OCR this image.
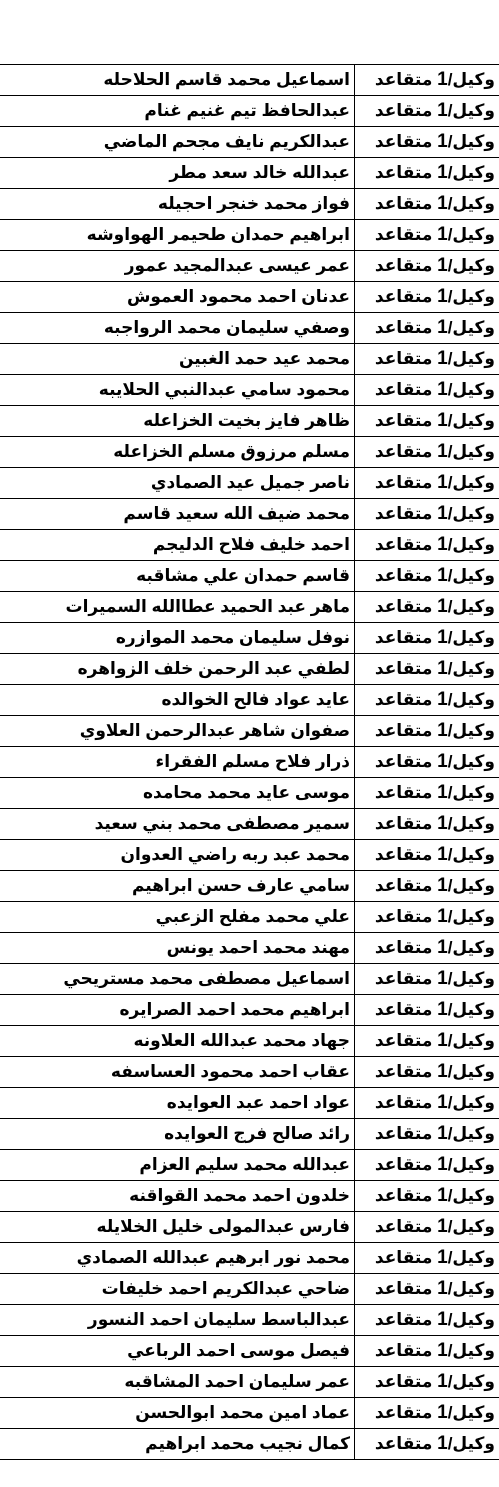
وكيل/1 متقاعد	اسماعيل محمد قاسم الحلاحله
وكيل/1 متقاعد	عبدالحافظ تيم غنيم غنام
وكيل/1 متقاعد	عبدالكريم نايف مجحم الماضي
وكيل/1 متقاعد	عبدالله خالد سعد مطر
وكيل/1 متقاعد	فواز محمد خنجر احجيله
وكيل/1 متقاعد	ابراهيم حمدان طحيمر الهواوشه
وكيل/1 متقاعد	عمر عيسى عبدالمجيد عمور
وكيل/1 متقاعد	عدنان احمد محمود العموش
وكيل/1 متقاعد	وصفي سليمان محمد الرواجبه
وكيل/1 متقاعد	محمد عيد حمد الغبين
وكيل/1 متقاعد	محمود سامي عبدالنبي الحلايبه
وكيل/1 متقاعد	ظاهر فايز بخيت الخزاعله
وكيل/1 متقاعد	مسلم مرزوق مسلم الخزاعله
وكيل/1 متقاعد	ناصر جميل عيد الصمادي
وكيل/1 متقاعد	محمد ضيف الله سعيد قاسم
وكيل/1 متقاعد	احمد خليف فلاح الدليجم
وكيل/1 متقاعد	قاسم حمدان علي مشاقبه
وكيل/1 متقاعد	ماهر عبد الحميد عطاالله السميرات
وكيل/1 متقاعد	نوفل سليمان محمد الموازره
وكيل/1 متقاعد	لطفي عبد الرحمن خلف الزواهره
وكيل/1 متقاعد	عايد عواد فالح الخوالده
وكيل/1 متقاعد	صفوان شاهر عبدالرحمن العلاوي
وكيل/1 متقاعد	ذرار فلاح مسلم الفقراء
وكيل/1 متقاعد	موسى عايد محمد محامده
وكيل/1 متقاعد	سمير مصطفى محمد بني سعيد
وكيل/1 متقاعد	محمد عبد ربه راضي العدوان
وكيل/1 متقاعد	سامي عارف حسن ابراهيم
وكيل/1 متقاعد	علي محمد مفلح الزعبي
وكيل/1 متقاعد	مهند محمد احمد يونس
وكيل/1 متقاعد	اسماعيل مصطفى محمد مستريحي
وكيل/1 متقاعد	ابراهيم محمد احمد الصرايره
وكيل/1 متقاعد	جهاد محمد عبدالله العلاونه
وكيل/1 متقاعد	عقاب احمد محمود العساسفه
وكيل/1 متقاعد	عواد احمد عبد العوايده
وكيل/1 متقاعد	رائد صالح فرج العوايده
وكيل/1 متقاعد	عبدالله محمد سليم العزام
وكيل/1 متقاعد	خلدون احمد محمد القواقنه
وكيل/1 متقاعد	فارس عبدالمولى خليل الخلايله
وكيل/1 متقاعد	محمد نور ابرهيم عبدالله الصمادي
وكيل/1 متقاعد	ضاحي عبدالكريم احمد خليفات
وكيل/1 متقاعد	عبدالباسط سليمان احمد النسور
وكيل/1 متقاعد	فيصل موسى احمد الرباعي
وكيل/1 متقاعد	عمر سليمان احمد المشاقبه
وكيل/1 متقاعد	عماد امين محمد ابوالحسن
وكيل/1 متقاعد	كمال نجيب محمد ابراهيم
